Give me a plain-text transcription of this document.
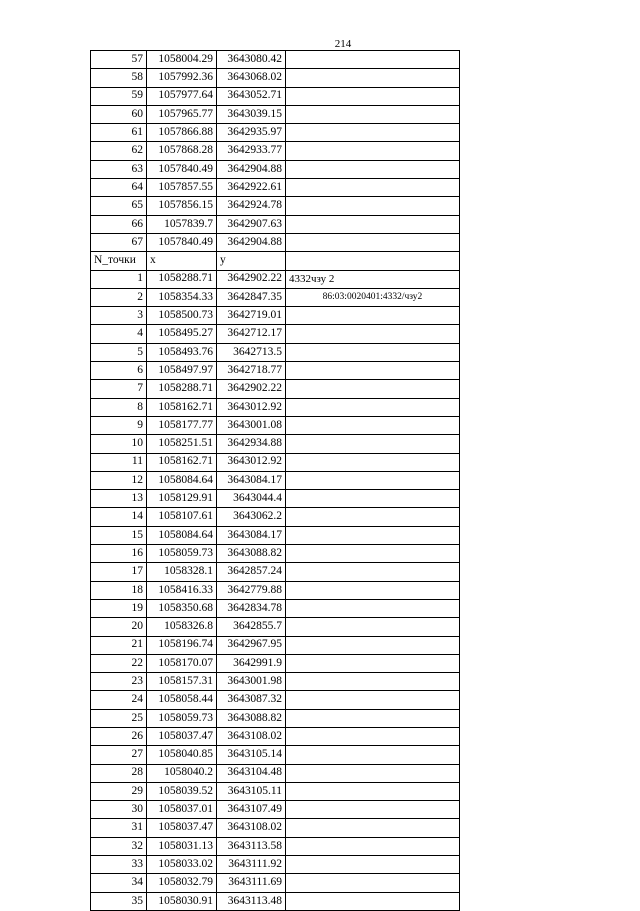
214
57	1058004.29	3643080.42	
58	1057992.36	3643068.02	
59	1057977.64	3643052.71	
60	1057965.77	3643039.15	
61	1057866.88	3642935.97	
62	1057868.28	3642933.77	
63	1057840.49	3642904.88	
64	1057857.55	3642922.61	
65	1057856.15	3642924.78	
66	1057839.7	3642907.63	
67	1057840.49	3642904.88	
N_точки	x	y	
1	1058288.71	3642902.22	4332чзу 2
2	1058354.33	3642847.35	86:03:0020401:4332/чзу2
3	1058500.73	3642719.01	
4	1058495.27	3642712.17	
5	1058493.76	3642713.5	
6	1058497.97	3642718.77	
7	1058288.71	3642902.22	
8	1058162.71	3643012.92	
9	1058177.77	3643001.08	
10	1058251.51	3642934.88	
11	1058162.71	3643012.92	
12	1058084.64	3643084.17	
13	1058129.91	3643044.4	
14	1058107.61	3643062.2	
15	1058084.64	3643084.17	
16	1058059.73	3643088.82	
17	1058328.1	3642857.24	
18	1058416.33	3642779.88	
19	1058350.68	3642834.78	
20	1058326.8	3642855.7	
21	1058196.74	3642967.95	
22	1058170.07	3642991.9	
23	1058157.31	3643001.98	
24	1058058.44	3643087.32	
25	1058059.73	3643088.82	
26	1058037.47	3643108.02	
27	1058040.85	3643105.14	
28	1058040.2	3643104.48	
29	1058039.52	3643105.11	
30	1058037.01	3643107.49	
31	1058037.47	3643108.02	
32	1058031.13	3643113.58	
33	1058033.02	3643111.92	
34	1058032.79	3643111.69	
35	1058030.91	3643113.48	
